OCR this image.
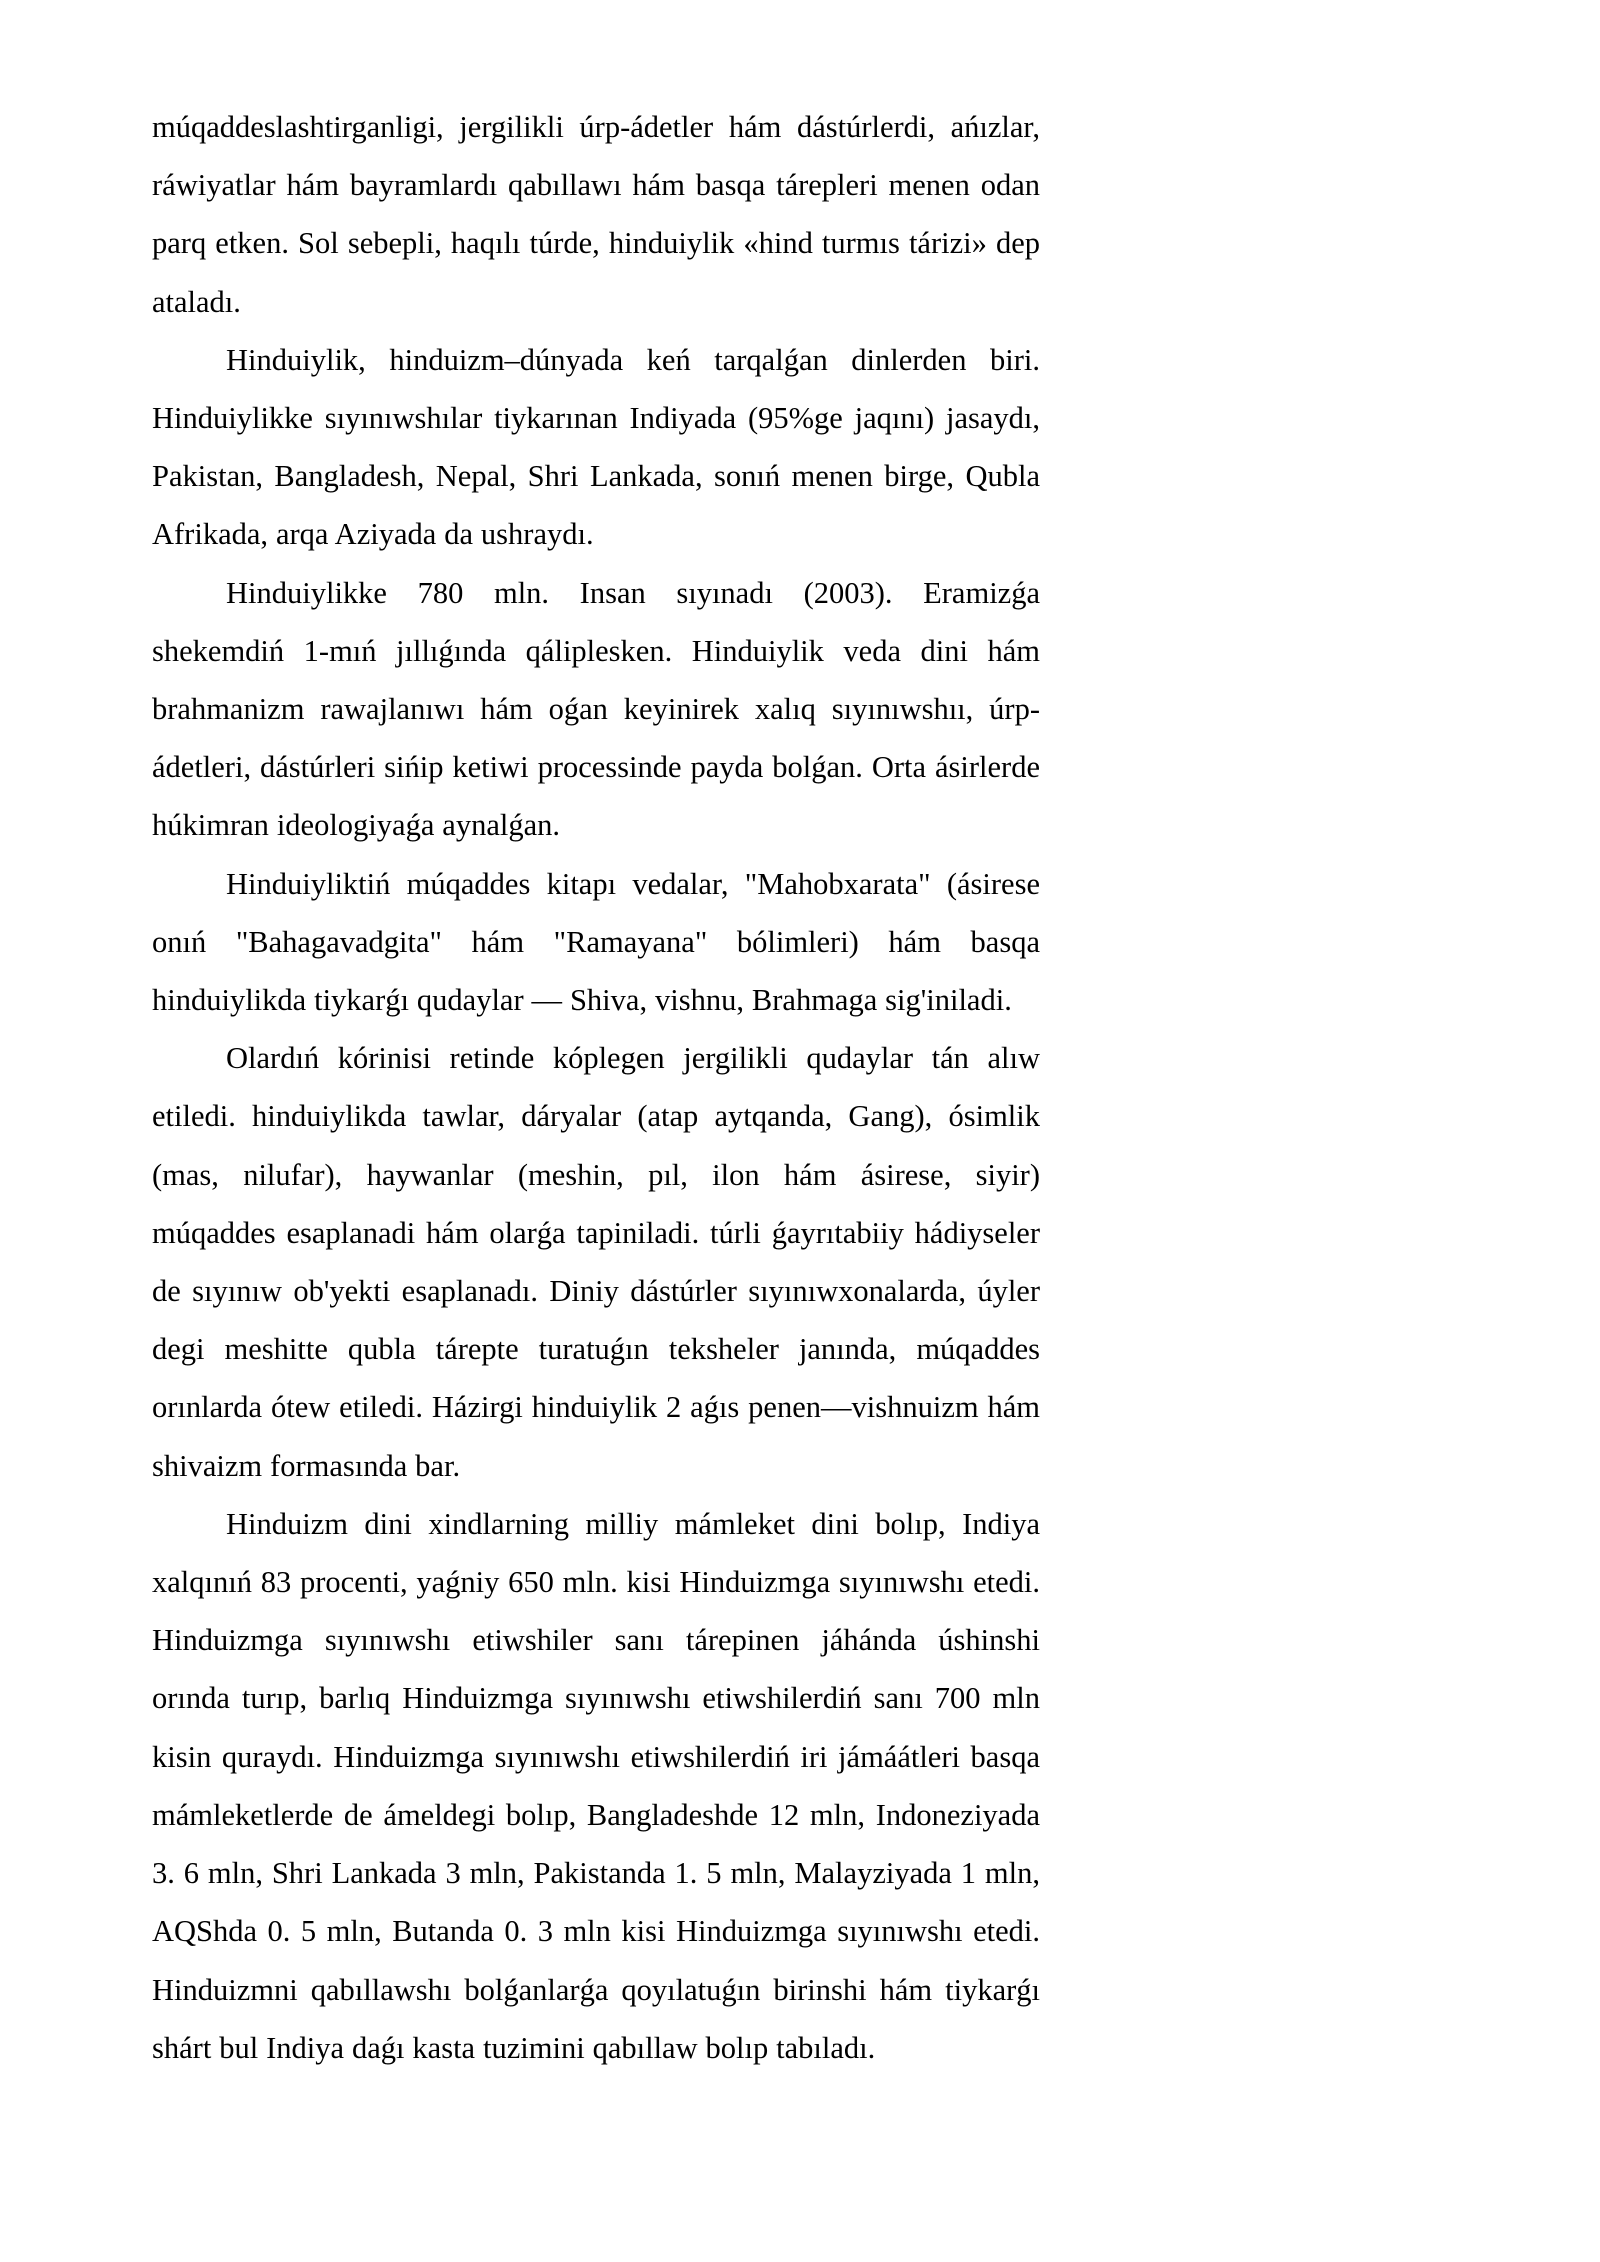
múqaddeslashtirganligi, jergilikli úrp-ádetler hám dástúrlerdi, ańızlar, ráwiyatlar hám bayramlardı qabıllawı hám basqa tárepleri menen odan parq etken. Sol sebepli, haqılı túrde, hinduiylik «hind turmıs tárizi» dep ataladı.

Hinduiylik, hinduizm–dúnyada keń tarqalǵan dinlerden biri. Hinduiylikke sıyınıwshılar tiykarınan Indiyada (95%ge jaqını) jasaydı, Pakistan, Bangladesh, Nepal, Shri Lankada, sonıń menen birge, Qubla Afrikada, arqa Aziyada da ushraydı.

Hinduiylikke 780 mln. Insan sıyınadı (2003). Eramizǵa shekemdiń 1-mıń jıllıǵında qáliplesken. Hinduiylik veda dini hám brahmanizm rawajlanıwı hám oǵan keyinirek xalıq sıyınıwshıı, úrp-ádetleri, dástúrleri sińip ketiwi processinde payda bolǵan. Orta ásirlerde húkimran ideologiyaǵa aynalǵan.

Hinduiyliktiń múqaddes kitapı vedalar, "Mahobxarata" (ásirese onıń "Bahagavadgita" hám "Ramayana" bólimleri) hám basqa hinduiylikda tiykarǵı qudaylar — Shiva, vishnu, Brahmaga sig'iniladi.

Olardıń kórinisi retinde kóplegen jergilikli qudaylar tán alıw etiledi. hinduiylikda tawlar, dáryalar (atap aytqanda, Gang), ósimlik (mas, nilufar), haywanlar (meshin, pıl, ilon hám ásirese, siyir) múqaddes esaplanadi hám olarǵa tapiniladi. túrli ǵayrıtabiiy hádiyseler de sıyınıw ob'yekti esaplanadı. Diniy dástúrler sıyınıwxonalarda, úyler degi meshitte qubla tárepte turatuǵın teksheler janında, múqaddes orınlarda ótew etiledi. Házirgi hinduiylik 2 aǵıs penen—vishnuizm hám shivaizm formasında bar.

Hinduizm dini xindlarning milliy mámleket dini bolıp, Indiya xalqınıń 83 procenti, yaǵniy 650 mln. kisi Hinduizmga sıyınıwshı etedi. Hinduizmga sıyınıwshı etiwshiler sanı tárepinen jáhánda úshinshi orında turıp, barlıq Hinduizmga sıyınıwshı etiwshilerdiń sanı 700 mln kisin quraydı. Hinduizmga sıyınıwshı etiwshilerdiń iri jámáátleri basqa mámleketlerde de ámeldegi bolıp, Bangladeshde 12 mln, Indoneziyada 3. 6 mln, Shri Lankada 3 mln, Pakistanda 1. 5 mln, Malayziyada 1 mln, AQShda 0. 5 mln, Butanda 0. 3 mln kisi Hinduizmga sıyınıwshı etedi. Hinduizmni qabıllawshı bolǵanlarǵa qoyılatuǵın birinshi hám tiykarǵı shárt bul Indiya daǵı kasta tuzimini qabıllaw bolıp tabıladı.
